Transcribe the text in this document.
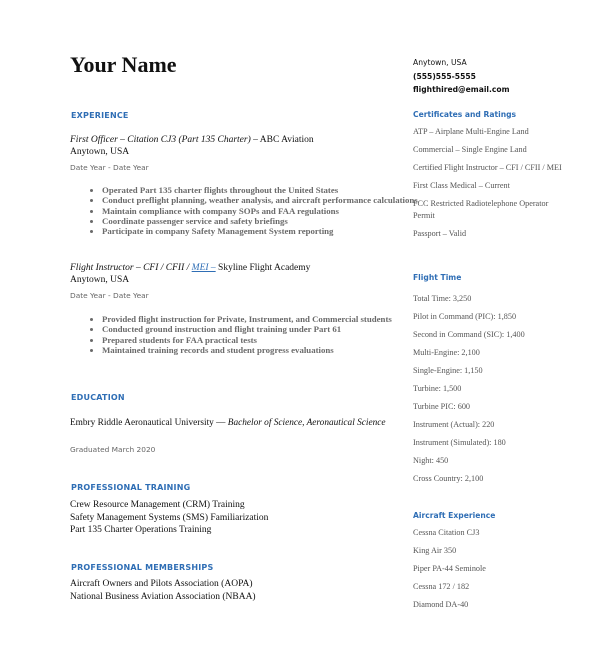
Your Name
EXPERIENCE

First Officer – Citation CJ3 (Part 135 Charter) – ABC Aviation

Anytown, USA

Date Year - Date Year

• Operated Part 135 charter flights throughout the United States
• Conduct preflight planning, weather analysis, and aircraft performance calculations
• Maintain compliance with company SOPs and FAA regulations
• Coordinate passenger service and safety briefings
• Participate in company Safety Management System reporting

Flight Instructor – CFI / CFII / MEI – Skyline Flight Academy

Anytown, USA

Date Year - Date Year

• Provided flight instruction for Private, Instrument, and Commercial students
• Conducted ground instruction and flight training under Part 61
• Prepared students for FAA practical tests
• Maintained training records and student progress evaluations
EDUCATION

Embry Riddle Aeronautical University — Bachelor of Science, Aeronautical Science

Graduated March 2020

PROFESSIONAL TRAINING
Crew Resource Management (CRM) Training
Safety Management Systems (SMS) Familiarization
Part 135 Charter Operations Training
PROFESSIONAL MEMBERSHIPS
Aircraft Owners and Pilots Association (AOPA)
National Business Aviation Association (NBAA)
Anytown, USA
(555)555-5555
flighthired@email.com
Certificates and Ratings
ATP – Airplane Multi-Engine Land
Commercial – Single Engine Land
Certified Flight Instructor – CFI / CFII / MEI
First Class Medical – Current
FCC Restricted Radiotelephone Operator Permit
Passport – Valid
Flight Time
Total Time: 3,250
Pilot in Command (PIC): 1,850
Second in Command (SIC): 1,400
Multi-Engine: 2,100
Single-Engine: 1,150
Turbine: 1,500
Turbine PIC: 600
Instrument (Actual): 220
Instrument (Simulated): 180
Night: 450
Cross Country: 2,100
Aircraft Experience
Cessna Citation CJ3
King Air 350
Piper PA-44 Seminole
Cessna 172 / 182
Diamond DA-40
